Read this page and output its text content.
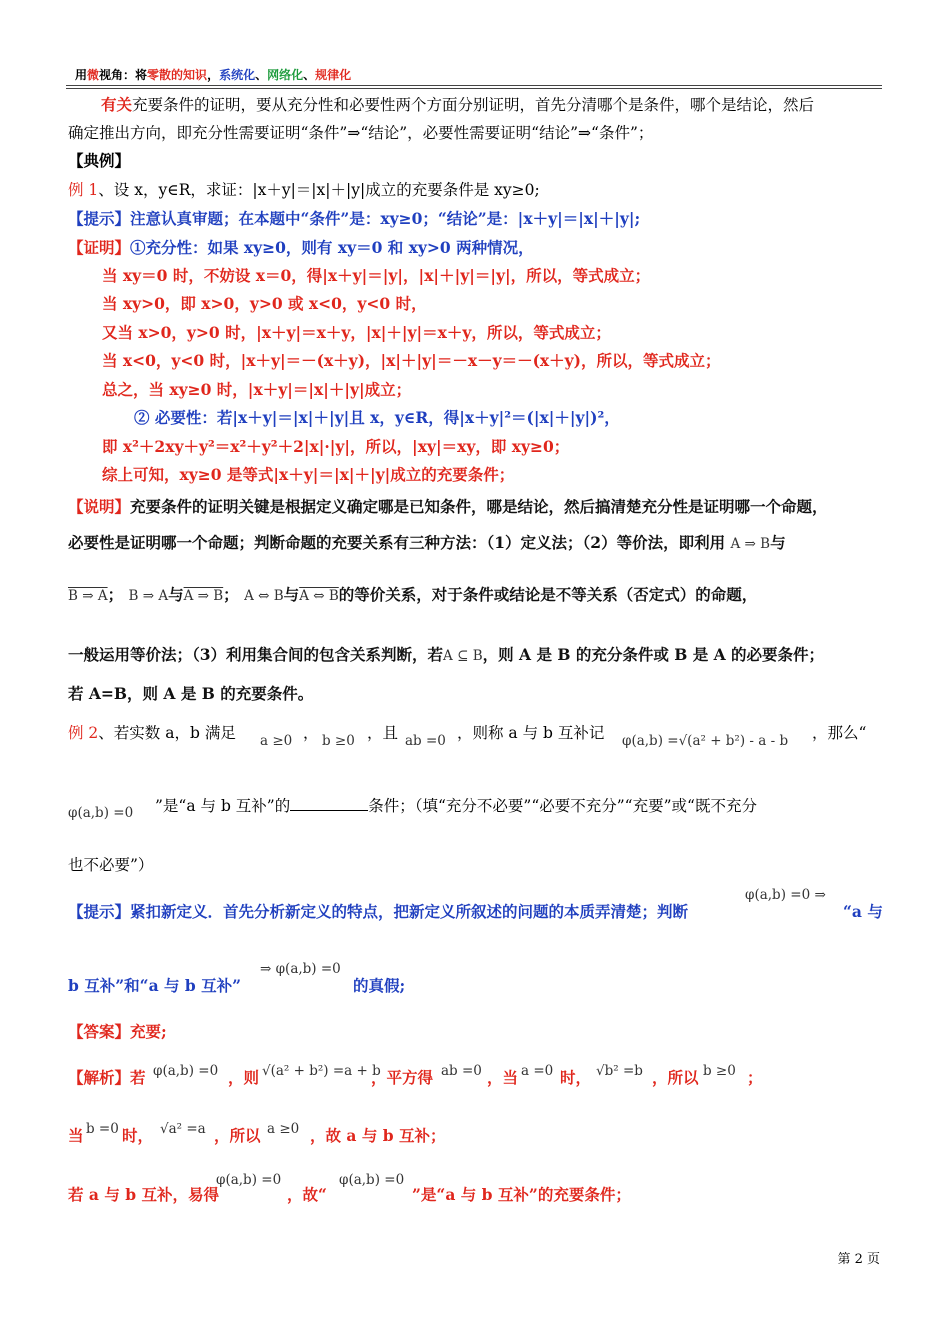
用微视角：将零散的知识，系统化、网络化、规律化
有关充要条件的证明，要从充分性和必要性两个方面分别证明，首先分清哪个是条件，哪个是结论，然后
确定推出方向，即充分性需要证明“条件”⇒“结论”，必要性需要证明“结论”⇒“条件”；
【典例】
例 1、设 x，y∈R，求证：|x＋y|＝|x|＋|y|成立的充要条件是 xy≥0;
【提示】注意认真审题；在本题中“条件”是：xy≥0；“结论”是：|x＋y|＝|x|＋|y|;
【证明】①充分性：如果 xy≥0，则有 xy＝0 和 xy>0 两种情况，
当 xy＝0 时，不妨设 x＝0，得|x＋y|＝|y|，|x|＋|y|＝|y|，所以，等式成立；
当 xy>0，即 x>0，y>0 或 x<0，y<0 时，
又当 x>0，y>0 时，|x＋y|＝x＋y，|x|＋|y|＝x＋y，所以，等式成立；
当 x<0，y<0 时，|x＋y|＝－(x＋y)，|x|＋|y|＝－x－y＝－(x＋y)，所以，等式成立；
总之，当 xy≥0 时，|x＋y|＝|x|＋|y|成立；
② 必要性：若|x＋y|＝|x|＋|y|且 x，y∈R，得|x＋y|²＝(|x|＋|y|)²，
即 x²＋2xy＋y²＝x²＋y²＋2|x|·|y|，所以，|xy|＝xy，即 xy≥0；
综上可知，xy≥0 是等式|x＋y|＝|x|＋|y|成立的充要条件；
【说明】充要条件的证明关键是根据定义确定哪是已知条件，哪是结论，然后搞清楚充分性是证明哪一个命题，
必要性是证明哪一个命题；判断命题的充要关系有三种方法：（1）定义法；（2）等价法，即利用 A ⇒ B与
B ⇒ A； B ⇒ A与A ⇒ B； A ⇔ B与A ⇔ B的等价关系，对于条件或结论是不等关系（否定式）的命题，
一般运用等价法；（3）利用集合间的包含关系判断，若A ⊆ B，则 A 是 B 的充分条件或 B 是 A 的必要条件；
若 A=B，则 A 是 B 的充要条件。
例 2、若实数 a，b 满足 a ≥0 ， b ≥0 ，且 ab =0 ，则称 a 与 b 互补记 φ(a,b) =√(a² + b²) - a - b ，那么“
φ(a,b) =0 ”是“a 与 b 互补”的	条件；（填“充分不必要”“必要不充分”“充要”或“既不充分
也不必要”）
【提示】紧扣新定义．首先分析新定义的特点，把新定义所叙述的问题的本质弄清楚；判断
φ(a,b) =0 ⇒
“a 与
b 互补”和“a 与 b 互补”
⇒ φ(a,b) =0
的真假;
【答案】充要;
【解析】若 φ(a,b) =0 ，则 √(a² + b²) =a + b
，平方得 ab =0 ，当 a =0 时， √b² =b ，所以 b ≥0 ；
当 b =0 时， √a² =a ，所以 a ≥0 ，故 a 与 b 互补；
若 a 与 b 互补，易得
φ(a,b) =0
，故“
φ(a,b) =0
”是“a 与 b 互补”的充要条件；
第 2 页
